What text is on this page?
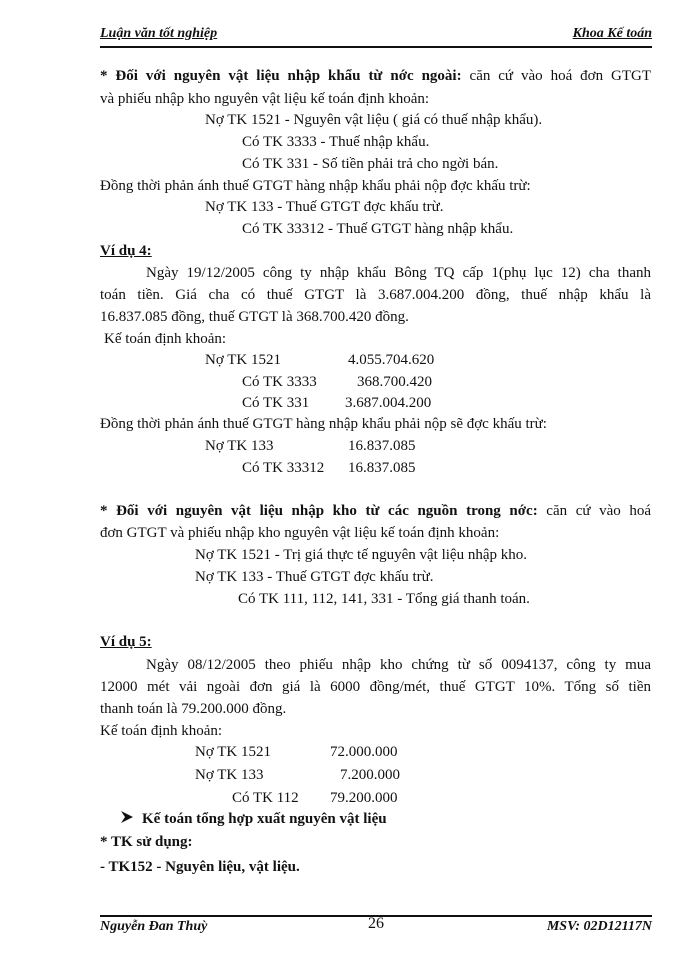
Luận văn tốt nghiệp	Khoa Kế toán
* Đối với nguyên vật liệu nhập khẩu từ nớc ngoài: căn cứ vào hoá đơn GTGT
và phiếu nhập kho nguyên vật liệu kế toán định khoản:
Nợ TK 1521 - Nguyên vật liệu ( giá có thuế nhập khẩu).
Có TK 3333 - Thuế nhập khẩu.
Có TK 331 - Số tiền phải trả cho ngời bán.
Đồng thời phản ánh thuế GTGT hàng nhập khẩu phải nộp đợc khấu trừ:
Nợ TK 133 - Thuế GTGT đợc khấu trừ.
Có TK 33312 - Thuế GTGT hàng nhập khẩu.
Ví dụ 4:
Ngày 19/12/2005 công ty nhập khẩu Bông TQ cấp 1(phụ lục 12) cha thanh
toán tiền. Giá cha có thuế GTGT là 3.687.004.200 đồng, thuế nhập khẩu là
16.837.085 đồng, thuế GTGT là 368.700.420 đồng.
Kế toán định khoản:
Nợ TK 1521	4.055.704.620
Có TK 3333	368.700.420
Có TK 331 3.687.004.200
Đồng thời phản ánh thuế GTGT hàng nhập khẩu phải nộp sẽ đợc khấu trừ:
Nợ TK 133	16.837.085
Có TK 33312 16.837.085
* Đối với nguyên vật liệu nhập kho từ các nguồn trong nớc: căn cứ vào hoá
đơn GTGT và phiếu nhập kho nguyên vật liệu kế toán định khoản:
Nợ TK 1521 - Trị giá thực tế nguyên vật liệu nhập kho.
Nợ TK 133 - Thuế GTGT đợc khấu trừ.
Có TK 111, 112, 141, 331 - Tổng giá thanh toán.
Ví dụ 5:
Ngày 08/12/2005 theo phiếu nhập kho chứng từ số 0094137, công ty mua
12000 mét vải ngoài đơn giá là 6000 đồng/mét, thuế GTGT 10%. Tổng số tiền
thanh toán là 79.200.000 đồng.
Kế toán định khoản:
Nợ TK 1521	72.000.000
Nợ TK 133	7.200.000
Có TK 112 79.200.000
Kế toán tổng hợp xuất nguyên vật liệu
* TK sử dụng:
- TK152 - Nguyên liệu, vật liệu.
Nguyễn Đan Thuỳ	26	MSV: 02D12117N
